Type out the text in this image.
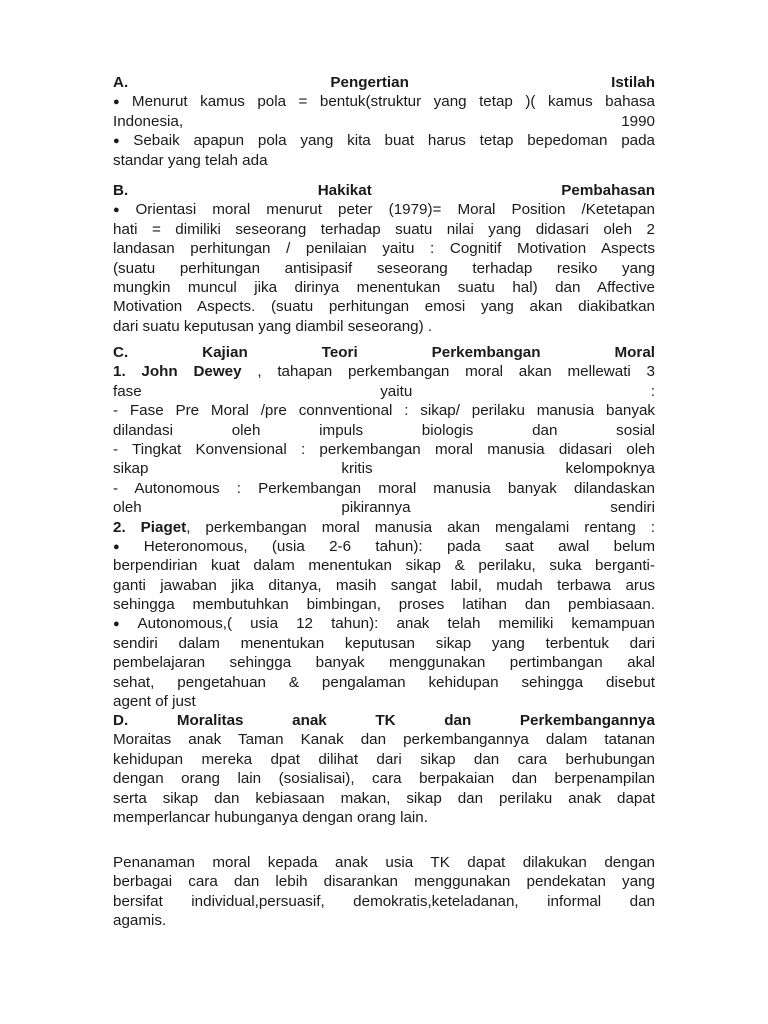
A.	Pengertian	Istilah
● Menurut kamus pola = bentuk(struktur yang tetap )( kamus bahasa
Indonesia,	1990
● Sebaik apapun pola yang kita buat harus tetap bepedoman pada
standar yang telah ada
B.	Hakikat	Pembahasan
● Orientasi moral menurut peter (1979)= Moral Position /Ketetapan
hati = dimiliki seseorang terhadap suatu nilai yang didasari oleh 2
landasan perhitungan / penilaian yaitu : Cognitif Motivation Aspects
(suatu perhitungan antisipasif seseorang terhadap resiko yang
mungkin muncul jika dirinya menentukan suatu hal) dan Affective
Motivation Aspects. (suatu perhitungan emosi yang akan diakibatkan
dari suatu keputusan yang diambil seseorang) .
C.	Kajian	Teori	Perkembangan	Moral
1. John Dewey , tahapan perkembangan moral akan mellewati 3
fase	yaitu	:
- Fase Pre Moral /pre connventional : sikap/ perilaku manusia banyak
dilandasi oleh impuls biologis dan sosial
- Tingkat Konvensional : perkembangan moral manusia didasari oleh
sikap kritis kelompoknya
- Autonomous : Perkembangan moral manusia banyak dilandaskan
oleh pikirannya sendiri
2. Piaget, perkembangan moral manusia akan mengalami rentang :
● Heteronomous, (usia 2-6 tahun): pada saat awal belum
berpendirian kuat dalam menentukan sikap & perilaku, suka berganti-
ganti jawaban jika ditanya, masih sangat labil, mudah terbawa arus
sehingga membutuhkan bimbingan, proses latihan dan pembiasaan.
● Autonomous,( usia 12 tahun): anak telah memiliki kemampuan
sendiri dalam menentukan keputusan sikap yang terbentuk dari
pembelajaran sehingga banyak menggunakan pertimbangan akal
sehat, pengetahuan & pengalaman kehidupan sehingga disebut
agent of just
D.	Moralitas	anak	TK	dan	Perkembangannya
Moraitas anak Taman Kanak dan perkembangannya dalam tatanan
kehidupan mereka dpat dilihat dari sikap dan cara berhubungan
dengan orang lain (sosialisai), cara berpakaian dan berpenampilan
serta sikap dan kebiasaan makan, sikap dan perilaku anak dapat
memperlancar hubunganya dengan orang lain.
Penanaman moral kepada anak usia TK dapat dilakukan dengan
berbagai cara dan lebih disarankan menggunakan pendekatan yang
bersifat individual,persuasif, demokratis,keteladanan, informal dan
agamis.
